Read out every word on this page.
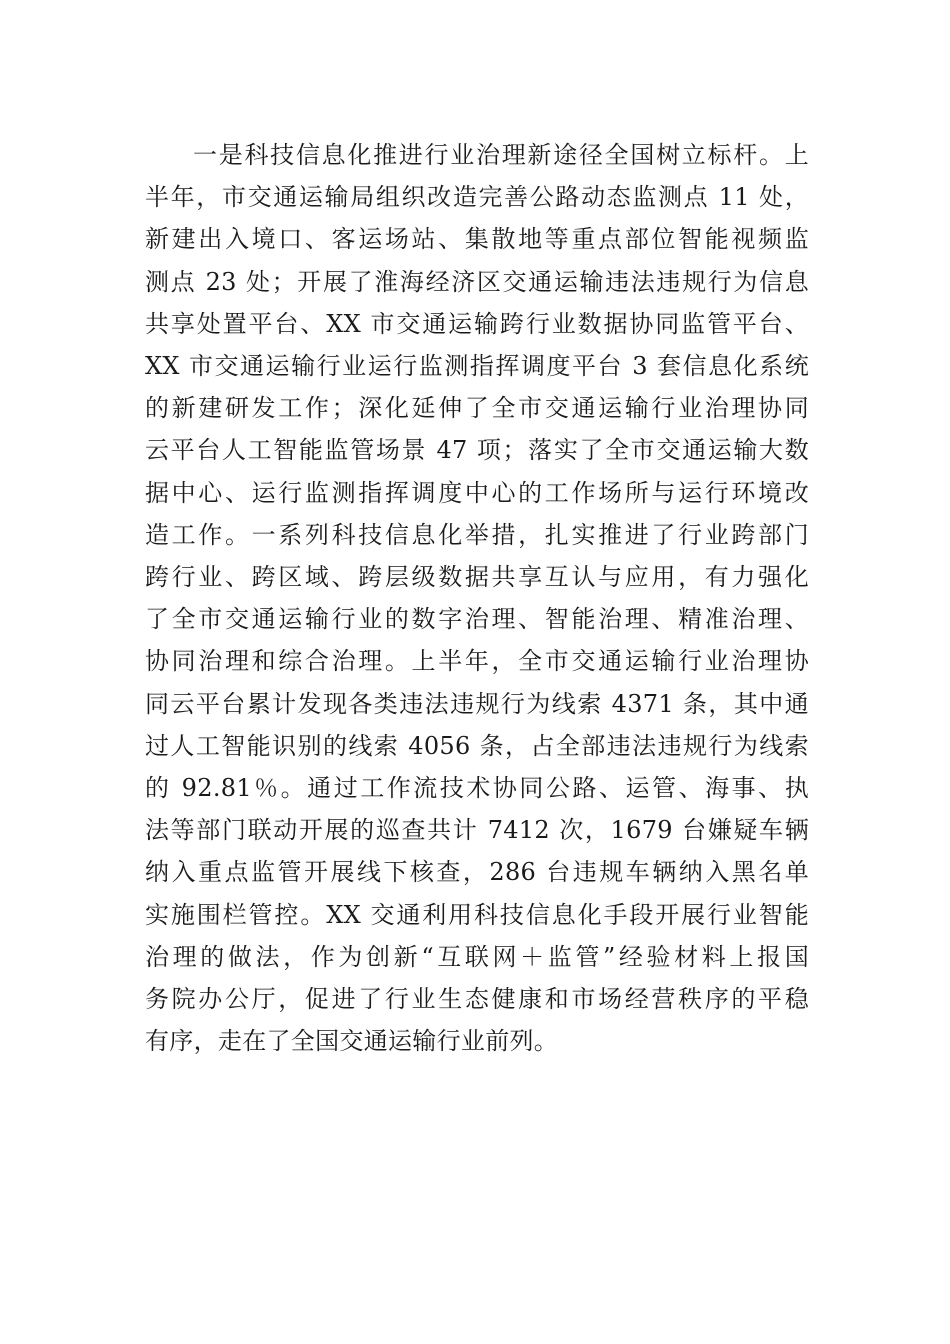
一是科技信息化推进行业治理新途径全国树立标杆。上
半年，市交通运输局组织改造完善公路动态监测点 11 处，
新建出入境口、客运场站、集散地等重点部位智能视频监
测点 23 处；开展了淮海经济区交通运输违法违规行为信息
共享处置平台、XX 市交通运输跨行业数据协同监管平台、
XX 市交通运输行业运行监测指挥调度平台 3 套信息化系统
的新建研发工作；深化延伸了全市交通运输行业治理协同
云平台人工智能监管场景 47 项；落实了全市交通运输大数
据中心、运行监测指挥调度中心的工作场所与运行环境改
造工作。一系列科技信息化举措，扎实推进了行业跨部门
跨行业、跨区域、跨层级数据共享互认与应用，有力强化
了全市交通运输行业的数字治理、智能治理、精准治理、
协同治理和综合治理。上半年，全市交通运输行业治理协
同云平台累计发现各类违法违规行为线索 4371 条，其中通
过人工智能识别的线索 4056 条，占全部违法违规行为线索
的 92.81％。通过工作流技术协同公路、运管、海事、执
法等部门联动开展的巡查共计 7412 次，1679 台嫌疑车辆
纳入重点监管开展线下核查，286 台违规车辆纳入黑名单
实施围栏管控。XX 交通利用科技信息化手段开展行业智能
治理的做法，作为创新“互联网＋监管”经验材料上报国
务院办公厅，促进了行业生态健康和市场经营秩序的平稳
有序，走在了全国交通运输行业前列。
